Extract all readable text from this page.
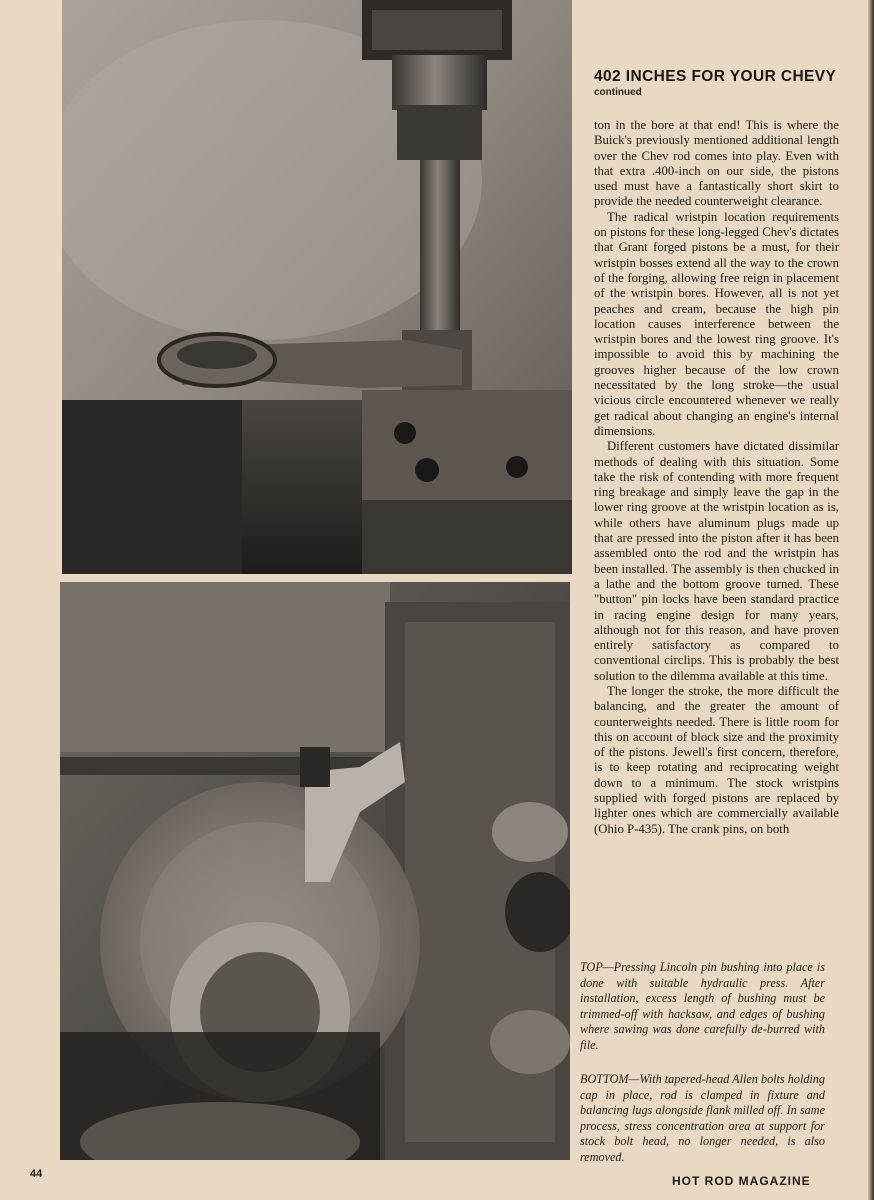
402 INCHES FOR YOUR CHEVY
continued

ton in the bore at that end! This is where the Buick's previously mentioned additional length over the Chev rod comes into play. Even with that extra .400-inch on our side, the pistons used must have a fantastically short skirt to provide the needed counterweight clearance.

The radical wristpin location requirements on pistons for these long-legged Chev's dictates that Grant forged pistons be a must, for their wristpin bosses extend all the way to the crown of the forging, allowing free reign in placement of the wristpin bores. However, all is not yet peaches and cream, because the high pin location causes interference between the wristpin bores and the lowest ring groove. It's impossible to avoid this by machining the grooves higher because of the low crown necessitated by the long stroke—the usual vicious circle encountered whenever we really get radical about changing an engine's internal dimensions.

Different customers have dictated dissimilar methods of dealing with this situation. Some take the risk of contending with more frequent ring breakage and simply leave the gap in the lower ring groove at the wristpin location as is, while others have aluminum plugs made up that are pressed into the piston after it has been assembled onto the rod and the wristpin has been installed. The assembly is then chucked in a lathe and the bottom groove turned. These "button" pin locks have been standard practice in racing engine design for many years, although not for this reason, and have proven entirely satisfactory as compared to conventional circlips. This is probably the best solution to the dilemma available at this time.

The longer the stroke, the more difficult the balancing, and the greater the amount of counterweights needed. There is little room for this on account of block size and the proximity of the pistons. Jewell's first concern, therefore, is to keep rotating and reciprocating weight down to a minimum. The stock wristpins supplied with forged pistons are replaced by lighter ones which are commercially available (Ohio P-435). The crank pins, on both

TOP—Pressing Lincoln pin bushing into place is done with suitable hydraulic press. After installation, excess length of bushing must be trimmed-off with hacksaw, and edges of bushing where sawing was done carefully de-burred with file.
BOTTOM—With tapered-head Allen bolts holding cap in place, rod is clamped in fixture and balancing lugs alongside flank milled off. In same process, stress concentration area at support for stock bolt head, no longer needed, is also removed.
44	HOT ROD MAGAZINE
